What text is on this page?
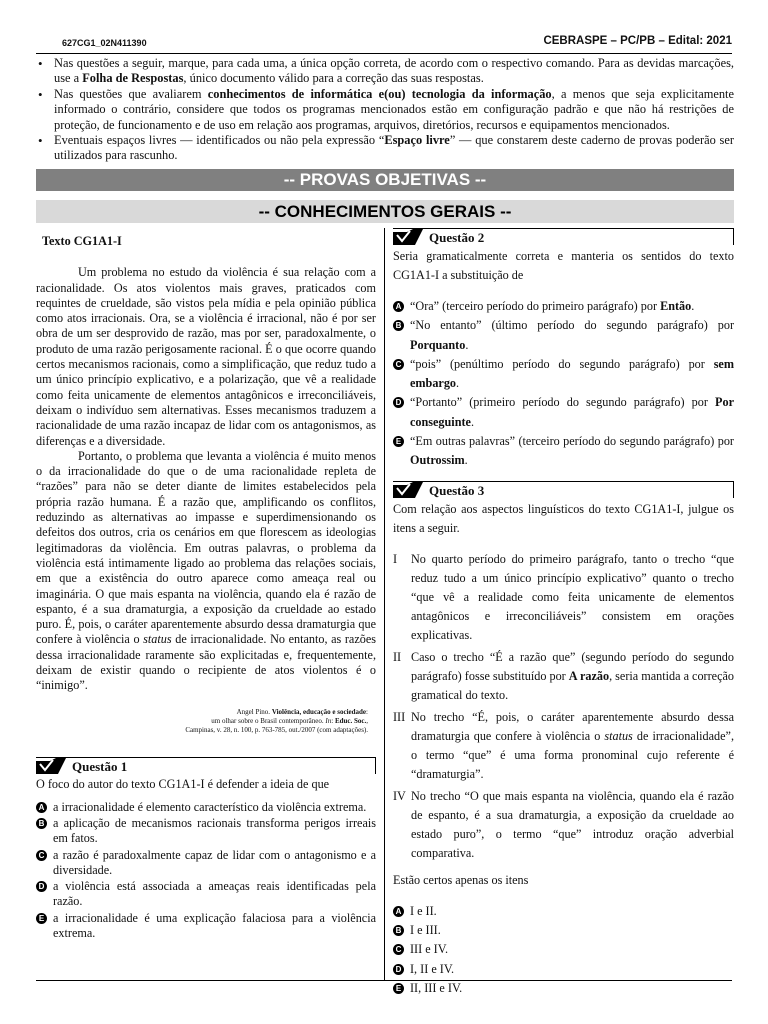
627CG1_02N411390	CEBRASPE – PC/PB – Edital: 2021
• Nas questões a seguir, marque, para cada uma, a única opção correta, de acordo com o respectivo comando. Para as devidas marcações, use a Folha de Respostas, único documento válido para a correção das suas respostas.
• Nas questões que avaliarem conhecimentos de informática e(ou) tecnologia da informação, a menos que seja explicitamente informado o contrário, considere que todos os programas mencionados estão em configuração padrão e que não há restrições de proteção, de funcionamento e de uso em relação aos programas, arquivos, diretórios, recursos e equipamentos mencionados.
• Eventuais espaços livres — identificados ou não pela expressão “Espaço livre” — que constarem deste caderno de provas poderão ser utilizados para rascunho.
-- PROVAS OBJETIVAS --
-- CONHECIMENTOS GERAIS --
Texto CG1A1-I

Um problema no estudo da violência é sua relação com a racionalidade. Os atos violentos mais graves, praticados com requintes de crueldade, são vistos pela mídia e pela opinião pública como atos irracionais. Ora, se a violência é irracional, não é por ser obra de um ser desprovido de razão, mas por ser, paradoxalmente, o produto de uma razão perigosamente racional. É o que ocorre quando certos mecanismos racionais, como a simplificação, que reduz tudo a um único princípio explicativo, e a polarização, que vê a realidade como feita unicamente de elementos antagônicos e irreconciliáveis, deixam o indivíduo sem alternativas. Esses mecanismos traduzem a racionalidade de uma razão incapaz de lidar com os antagonismos, as diferenças e a diversidade.

Portanto, o problema que levanta a violência é muito menos o da irracionalidade do que o de uma racionalidade repleta de “razões” para não se deter diante de limites estabelecidos pela própria razão humana. É a razão que, amplificando os conflitos, reduzindo as alternativas ao impasse e superdimensionando os defeitos dos outros, cria os cenários em que florescem as ideologias legitimadoras da violência. Em outras palavras, o problema da violência está intimamente ligado ao problema das relações sociais, em que a existência do outro aparece como ameaça real ou imaginária. O que mais espanta na violência, quando ela é razão de espanto, é a sua dramaturgia, a exposição da crueldade ao estado puro. É, pois, o caráter aparentemente absurdo dessa dramaturgia que confere à violência o status de irracionalidade. No entanto, as razões dessa irracionalidade raramente são explicitadas e, frequentemente, deixam de existir quando o recipiente de atos violentos é o “inimigo”.

Angel Pino. Violência, educação e sociedade:
um olhar sobre o Brasil contemporâneo. In: Educ. Soc.,
Campinas, v. 28, n. 100, p. 763-785, out./2007 (com adaptações).
Questão 1
O foco do autor do texto CG1A1-I é defender a ideia de que
A a irracionalidade é elemento característico da violência extrema.
B a aplicação de mecanismos racionais transforma perigos irreais em fatos.
C a razão é paradoxalmente capaz de lidar com o antagonismo e a diversidade.
D a violência está associada a ameaças reais identificadas pela razão.
E a irracionalidade é uma explicação falaciosa para a violência extrema.
Questão 2
Seria gramaticalmente correta e manteria os sentidos do texto CG1A1-I a substituição de
A “Ora” (terceiro período do primeiro parágrafo) por Então.
B “No entanto” (último período do segundo parágrafo) por Porquanto.
C “pois” (penúltimo período do segundo parágrafo) por sem embargo.
D “Portanto” (primeiro período do segundo parágrafo) por Por conseguinte.
E “Em outras palavras” (terceiro período do segundo parágrafo) por Outrossim.
Questão 3
Com relação aos aspectos linguísticos do texto CG1A1-I, julgue os itens a seguir.
I No quarto período do primeiro parágrafo, tanto o trecho “que reduz tudo a um único princípio explicativo” quanto o trecho “que vê a realidade como feita unicamente de elementos antagônicos e irreconciliáveis” consistem em orações explicativas.
II Caso o trecho “É a razão que” (segundo período do segundo parágrafo) fosse substituído por A razão, seria mantida a correção gramatical do texto.
III No trecho “É, pois, o caráter aparentemente absurdo dessa dramaturgia que confere à violência o status de irracionalidade”, o termo “que” é uma forma pronominal cujo referente é “dramaturgia”.
IV No trecho “O que mais espanta na violência, quando ela é razão de espanto, é a sua dramaturgia, a exposição da crueldade ao estado puro”, o termo “que” introduz oração adverbial comparativa.
Estão certos apenas os itens
A I e II.
B I e III.
C III e IV.
D I, II e IV.
E II, III e IV.
